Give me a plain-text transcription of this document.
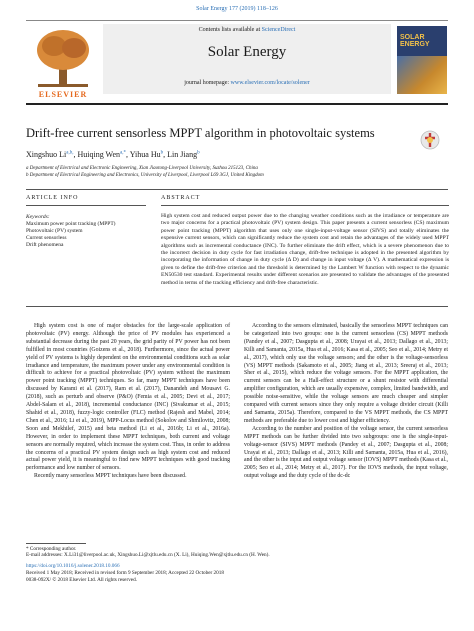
Solar Energy 177 (2019) 118–126
ELSEVIER
Contents lists available at ScienceDirect
Solar Energy
journal homepage: www.elsevier.com/locate/solener
SOLAR ENERGY
Drift-free current sensorless MPPT algorithm in photovoltaic systems
Xingshuo $Li^{a,b,}$, Huiqing Wen$^{a,*}$, Yihua Hu$^b$, Lin Jiang$^b$
a Department of Electrical and Electronic Engineering, Xian Jiaotong-Liverpool University, Suzhou 215123, China
b Department of Electrical Engineering and Electronics, University of Liverpool, Liverpool L69 3GJ, United Kingdom
ARTICLE INFO	ABSTRACT
Keywords:
Maximum power point tracking (MPPT)
Photovoltaic (PV) system
Current sensorless
Drift phenomena
High system cost and reduced output power due to the changing weather conditions such as the irradiance or temperature are two major concerns for a practical photovoltaic (PV) system design. This paper presents a current sensorless (CS) maximum power point tracking (MPPT) algorithm that uses only one single-input-voltage sensor (SIVS) and totally eliminates the expensive current sensors, which can significantly reduce the system cost and retain the advantages of the widely used MPPT algorithms such as incremental conductance (INC). To further eliminate the drift effect, which is a severe phenomenon due to the incorrect decision in duty cycle for fast irradiation change, drift-free technique is adopted in the presented algorithm by incorporating the information of change in duty cycle (Δ D) and change in input voltage (Δ V). A mathematical expression is given to define the drift-free criterion and the threshold is determined by the Lambert W function with respect to the dynamic EN50530 test standard. Experimental results under different scenarios are presented to validate the advantages of the presented method in terms of the tracking efficiency and drift-free characteristic.

High system cost is one of major obstacles for the large-scale application of photovoltaic (PV) energy. Although the price of PV modules has experienced a substantial decrease during the past 20 years, the grid parity of PV power has not been fulfilled in most countries (Goizens et al., 2018). Furthermore, since the actual power yield of PV systems is highly dependent on the environmental conditions such as solar irradiance and temperature, the maximum power under any environmental condition is difficult to achieve for a practical photovoltaic (PV) system without the maximum power point tracking (MPPT) techniques. So far, many MPPT techniques have been discussed by Karami et al. (2017), Ram et al. (2017), Danandeh and Mousavi G. (2018), such as perturb and observe (P&O) (Femia et al., 2005; Devi et al., 2017; Abdel-Salam et al., 2018), incremental conductance (INC) (Sivakumar et al., 2015; Shahid et al., 2018), fuzzy-logic controller (FLC) method (Rajesh and Mabel, 2014; Chen et al., 2016; Li et al., 2019), MPP-Locus method (Sokolov and Shmilovitz, 2008; Soon and Mekhilef, 2015) and beta method (Li et al., 2016b; Li et al., 2016a). However, in order to implement these MPPT techniques, both current and voltage sensors are normally required, which increase the system cost. Thus, in order to address the concerns of a practical PV system design such as high system cost and reduced actual power yield, it is meaningful to find new MPPT techniques with good tracking performance and low number of sensors.

Recently many sensorless MPPT techniques have been discussed.

According to the sensors eliminated, basically the sensorless MPPT techniques can be categorized into two groups: one is the current sensorless (CS) MPPT methods (Pandey et al., 2007; Dasgupta et al., 2008; Urayai et al., 2013; Dallago et al., 2013; Killi and Samanta, 2015a, Hua et al., 2016; Kasa et al., 2005; Seo et al., 2014; Metry et al., 2017), which only use the voltage sensors; and the other is the voltage-sensorless (VS) MPPT methods (Sakamoto et al., 2005; Jiang et al., 2013; Sreeraj et al., 2013; Sher et al., 2015), which reduce the voltage sensors. For the MPPT application, the current sensors can be a Hall-effect structure or a shunt resistor with differential amplifier configuration, which are usually expensive, complex, limited bandwidth, and possible noise-sensitive, while the voltage sensors are much cheaper and simpler compared with current sensors since they only require a voltage divider circuit (Killi and Samanta, 2015a). Therefore, compared to the VS MPPT methods, the CS MPPT methods are preferable due to lower cost and higher efficiency.

According to the number and position of the voltage sensor, the current sensorless MPPT methods can be further divided into two subgroups: one is the single-input-voltage-sensor (SIVS) MPPT methods (Pandey et al., 2007; Dasgupta et al., 2008; Urayai et al., 2013; Dallago et al., 2013; Killi and Samanta, 2015a, Hua et al., 2016), and the other is the input and output voltage sensor (IOVS) MPPT methods (Kasa et al., 2005; Seo et al., 2014; Metry et al., 2017). For the IOVS methods, the input voltage, output voltage and the duty cycle of the dc-dc

* Corresponding author.
E-mail addresses: X.Li31@liverpool.ac.uk, Xingshuo.Li@xjtlu.edu.cn (X. Li), Huiqing.Wen@xjtlu.edu.cn (H. Wen).
https://doi.org/10.1016/j.solener.2018.10.066
Received 1 May 2018; Received in revised form 9 September 2018; Accepted 22 October 2018
0038-092X/ © 2018 Elsevier Ltd. All rights reserved.
